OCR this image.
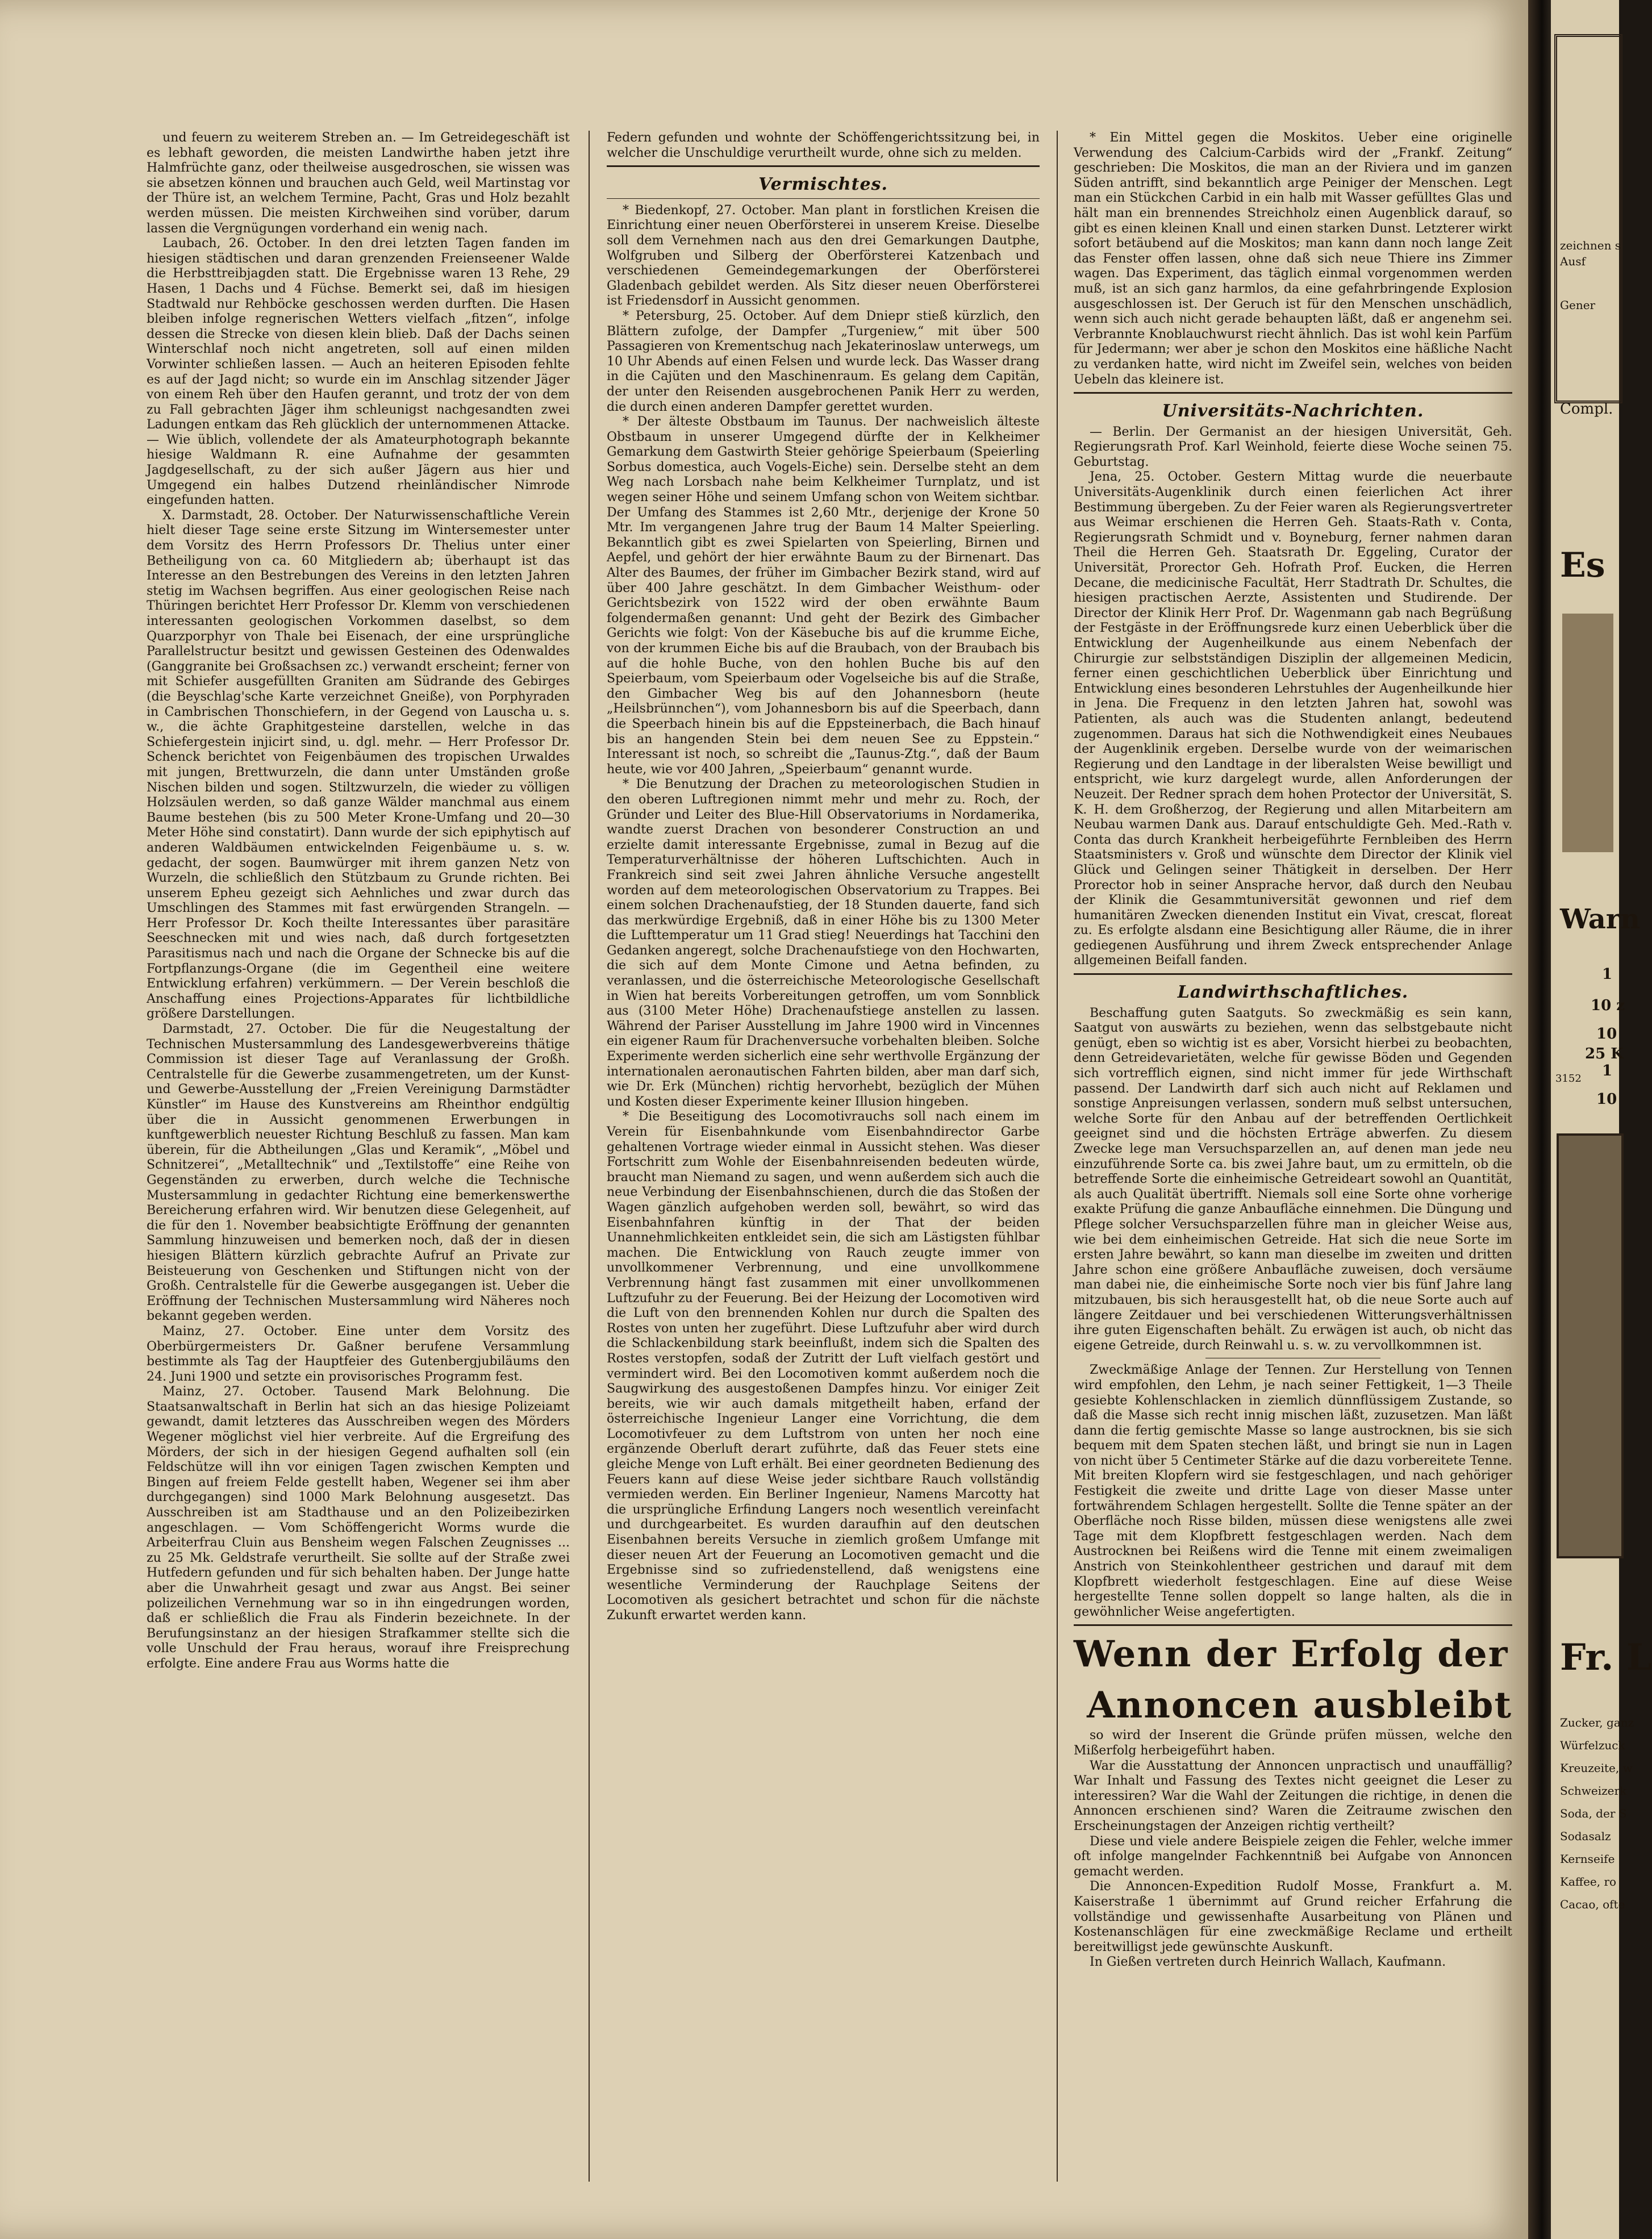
und feuern zu weiterem Streben an. — Im Getreidegeschäft ist es lebhaft geworden, die meisten Landwirthe haben jetzt ihre Halmfrüchte ganz, oder theilweise ausgedroschen, sie wissen was sie absetzen können und brauchen auch Geld, weil Martinstag vor der Thüre ist, an welchem Termine, Pacht, Gras und Holz bezahlt werden müssen. Die meisten Kirchweihen sind vorüber, darum lassen die Vergnügungen vorderhand ein wenig nach.

Laubach, 26. October. In den drei letzten Tagen fanden im hiesigen städtischen und daran grenzenden Freienseener Walde die Herbsttreibjagden statt. Die Ergebnisse waren 13 Rehe, 29 Hasen, 1 Dachs und 4 Füchse. Bemerkt sei, daß im hiesigen Stadtwald nur Rehböcke geschossen werden durften. Die Hasen bleiben infolge regnerischen Wetters vielfach „fitzen“, infolge dessen die Strecke von diesen klein blieb. Daß der Dachs seinen Winterschlaf noch nicht angetreten, soll auf einen milden Vorwinter schließen lassen. — Auch an heiteren Episoden fehlte es auf der Jagd nicht; so wurde ein im Anschlag sitzender Jäger von einem Reh über den Haufen gerannt, und trotz der von dem zu Fall gebrachten Jäger ihm schleunigst nachgesandten zwei Ladungen entkam das Reh glücklich der unternommenen Attacke. — Wie üblich, vollendete der als Amateurphotograph bekannte hiesige Waldmann R. eine Aufnahme der gesammten Jagdgesellschaft, zu der sich außer Jägern aus hier und Umgegend ein halbes Dutzend rheinländischer Nimrode eingefunden hatten.

X. Darmstadt, 28. October. Der Naturwissenschaftliche Verein hielt dieser Tage seine erste Sitzung im Wintersemester unter dem Vorsitz des Herrn Professors Dr. Thelius unter einer Betheiligung von ca. 60 Mitgliedern ab; überhaupt ist das Interesse an den Bestrebungen des Vereins in den letzten Jahren stetig im Wachsen begriffen. Aus einer geologischen Reise nach Thüringen berichtet Herr Professor Dr. Klemm von verschiedenen interessanten geologischen Vorkommen daselbst, so dem Quarzporphyr von Thale bei Eisenach, der eine ursprüngliche Parallelstructur besitzt und gewissen Gesteinen des Odenwaldes (Ganggranite bei Großsachsen zc.) verwandt erscheint; ferner von mit Schiefer ausgefüllten Graniten am Südrande des Gebirges (die Beyschlag'sche Karte verzeichnet Gneiße), von Porphyraden in Cambrischen Thonschiefern, in der Gegend von Lauscha u. s. w., die ächte Graphitgesteine darstellen, welche in das Schiefergestein injicirt sind, u. dgl. mehr. — Herr Professor Dr. Schenck berichtet von Feigenbäumen des tropischen Urwaldes mit jungen, Brettwurzeln, die dann unter Umständen große Nischen bilden und sogen. Stiltzwurzeln, die wieder zu völligen Holzsäulen werden, so daß ganze Wälder manchmal aus einem Baume bestehen (bis zu 500 Meter Krone-Umfang und 20—30 Meter Höhe sind constatirt). Dann wurde der sich epiphytisch auf anderen Waldbäumen entwickelnden Feigenbäume u. s. w. gedacht, der sogen. Baumwürger mit ihrem ganzen Netz von Wurzeln, die schließlich den Stützbaum zu Grunde richten. Bei unserem Epheu gezeigt sich Aehnliches und zwar durch das Umschlingen des Stammes mit fast erwürgenden Strangeln. — Herr Professor Dr. Koch theilte Interessantes über parasitäre Seeschnecken mit und wies nach, daß durch fortgesetzten Parasitismus nach und nach die Organe der Schnecke bis auf die Fortpflanzungs-Organe (die im Gegentheil eine weitere Entwicklung erfahren) verkümmern. — Der Verein beschloß die Anschaffung eines Projections-Apparates für lichtbildliche größere Darstellungen.

Darmstadt, 27. October. Die für die Neugestaltung der Technischen Mustersammlung des Landesgewerbvereins thätige Commission ist dieser Tage auf Veranlassung der Großh. Centralstelle für die Gewerbe zusammengetreten, um der Kunst- und Gewerbe-Ausstellung der „Freien Vereinigung Darmstädter Künstler“ im Hause des Kunstvereins am Rheinthor endgültig über die in Aussicht genommenen Erwerbungen in kunftgewerblich neuester Richtung Beschluß zu fassen. Man kam überein, für die Abtheilungen „Glas und Keramik“, „Möbel und Schnitzerei“, „Metalltechnik“ und „Textilstoffe“ eine Reihe von Gegenständen zu erwerben, durch welche die Technische Mustersammlung in gedachter Richtung eine bemerkenswerthe Bereicherung erfahren wird. Wir benutzen diese Gelegenheit, auf die für den 1. November beabsichtigte Eröffnung der genannten Sammlung hinzuweisen und bemerken noch, daß der in diesen hiesigen Blättern kürzlich gebrachte Aufruf an Private zur Beisteuerung von Geschenken und Stiftungen nicht von der Großh. Centralstelle für die Gewerbe ausgegangen ist. Ueber die Eröffnung der Technischen Mustersammlung wird Näheres noch bekannt gegeben werden.

Mainz, 27. October. Eine unter dem Vorsitz des Oberbürgermeisters Dr. Gaßner berufene Versammlung bestimmte als Tag der Hauptfeier des Gutenbergjubiläums den 24. Juni 1900 und setzte ein provisorisches Programm fest.

Mainz, 27. October. Tausend Mark Belohnung. Die Staatsanwaltschaft in Berlin hat sich an das hiesige Polizeiamt gewandt, damit letzteres das Ausschreiben wegen des Mörders Wegener möglichst viel hier verbreite. Auf die Ergreifung des Mörders, der sich in der hiesigen Gegend aufhalten soll (ein Feldschütze will ihn vor einigen Tagen zwischen Kempten und Bingen auf freiem Felde gestellt haben, Wegener sei ihm aber durchgegangen) sind 1000 Mark Belohnung ausgesetzt. Das Ausschreiben ist am Stadthause und an den Polizeibezirken angeschlagen. — Vom Schöffengericht Worms wurde die Arbeiterfrau Cluin aus Bensheim wegen Falschen Zeugnisses ... zu 25 Mk. Geldstrafe verurtheilt. Sie sollte auf der Straße zwei Hutfedern gefunden und für sich behalten haben. Der Junge hatte aber die Unwahrheit gesagt und zwar aus Angst. Bei seiner polizeilichen Vernehmung war so in ihn eingedrungen worden, daß er schließlich die Frau als Finderin bezeichnete. In der Berufungsinstanz an der hiesigen Strafkammer stellte sich die volle Unschuld der Frau heraus, worauf ihre Freisprechung erfolgte. Eine andere Frau aus Worms hatte die

Federn gefunden und wohnte der Schöffengerichtssitzung bei, in welcher die Unschuldige verurtheilt wurde, ohne sich zu melden.

Vermischtes.

* Biedenkopf, 27. October. Man plant in forstlichen Kreisen die Einrichtung einer neuen Oberförsterei in unserem Kreise. Dieselbe soll dem Vernehmen nach aus den drei Gemarkungen Dautphe, Wolfgruben und Silberg der Oberförsterei Katzenbach und verschiedenen Gemeindegemarkungen der Oberförsterei Gladenbach gebildet werden. Als Sitz dieser neuen Oberförsterei ist Friedensdorf in Aussicht genommen.

* Petersburg, 25. October. Auf dem Dniepr stieß kürzlich, den Blättern zufolge, der Dampfer „Turgeniew,“ mit über 500 Passagieren von Krementschug nach Jekaterinoslaw unterwegs, um 10 Uhr Abends auf einen Felsen und wurde leck. Das Wasser drang in die Cajüten und den Maschinenraum. Es gelang dem Capitän, der unter den Reisenden ausgebrochenen Panik Herr zu werden, die durch einen anderen Dampfer gerettet wurden.

* Der älteste Obstbaum im Taunus. Der nachweislich älteste Obstbaum in unserer Umgegend dürfte der in Kelkheimer Gemarkung dem Gastwirth Steier gehörige Speierbaum (Speierling Sorbus domestica, auch Vogels-Eiche) sein. Derselbe steht an dem Weg nach Lorsbach nahe beim Kelkheimer Turnplatz, und ist wegen seiner Höhe und seinem Umfang schon von Weitem sichtbar. Der Umfang des Stammes ist 2,60 Mtr., derjenige der Krone 50 Mtr. Im vergangenen Jahre trug der Baum 14 Malter Speierling. Bekanntlich gibt es zwei Spielarten von Speierling, Birnen und Aepfel, und gehört der hier erwähnte Baum zu der Birnenart. Das Alter des Baumes, der früher im Gimbacher Bezirk stand, wird auf über 400 Jahre geschätzt. In dem Gimbacher Weisthum- oder Gerichtsbezirk von 1522 wird der oben erwähnte Baum folgendermaßen genannt: Und geht der Bezirk des Gimbacher Gerichts wie folgt: Von der Käsebuche bis auf die krumme Eiche, von der krummen Eiche bis auf die Braubach, von der Braubach bis auf die hohle Buche, von den hohlen Buche bis auf den Speierbaum, vom Speierbaum oder Vogelseiche bis auf die Straße, den Gimbacher Weg bis auf den Johannesborn (heute „Heilsbrünnchen“), vom Johannesborn bis auf die Speerbach, dann die Speerbach hinein bis auf die Eppsteinerbach, die Bach hinauf bis an hangenden Stein bei dem neuen See zu Eppstein.“ Interessant ist noch, so schreibt die „Taunus-Ztg.“, daß der Baum heute, wie vor 400 Jahren, „Speierbaum“ genannt wurde.

* Die Benutzung der Drachen zu meteorologischen Studien in den oberen Luftregionen nimmt mehr und mehr zu. Roch, der Gründer und Leiter des Blue-Hill Observatoriums in Nordamerika, wandte zuerst Drachen von besonderer Construction an und erzielte damit interessante Ergebnisse, zumal in Bezug auf die Temperaturverhältnisse der höheren Luftschichten. Auch in Frankreich sind seit zwei Jahren ähnliche Versuche angestellt worden auf dem meteorologischen Observatorium zu Trappes. Bei einem solchen Drachenaufstieg, der 18 Stunden dauerte, fand sich das merkwürdige Ergebniß, daß in einer Höhe bis zu 1300 Meter die Lufttemperatur um 11 Grad stieg! Neuerdings hat Tacchini den Gedanken angeregt, solche Drachenaufstiege von den Hochwarten, die sich auf dem Monte Cimone und Aetna befinden, zu veranlassen, und die österreichische Meteorologische Gesellschaft in Wien hat bereits Vorbereitungen getroffen, um vom Sonnblick aus (3100 Meter Höhe) Drachenaufstiege anstellen zu lassen. Während der Pariser Ausstellung im Jahre 1900 wird in Vincennes ein eigener Raum für Drachenversuche vorbehalten bleiben. Solche Experimente werden sicherlich eine sehr werthvolle Ergänzung der internationalen aeronautischen Fahrten bilden, aber man darf sich, wie Dr. Erk (München) richtig hervorhebt, bezüglich der Mühen und Kosten dieser Experimente keiner Illusion hingeben.

* Die Beseitigung des Locomotivrauchs soll nach einem im Verein für Eisenbahnkunde vom Eisenbahndirector Garbe gehaltenen Vortrage wieder einmal in Aussicht stehen. Was dieser Fortschritt zum Wohle der Eisenbahnreisenden bedeuten würde, braucht man Niemand zu sagen, und wenn außerdem sich auch die neue Verbindung der Eisenbahnschienen, durch die das Stoßen der Wagen gänzlich aufgehoben werden soll, bewährt, so wird das Eisenbahnfahren künftig in der That der beiden Unannehmlichkeiten entkleidet sein, die sich am Lästigsten fühlbar machen. Die Entwicklung von Rauch zeugte immer von unvollkommener Verbrennung, und eine unvollkommene Verbrennung hängt fast zusammen mit einer unvollkommenen Luftzufuhr zu der Feuerung. Bei der Heizung der Locomotiven wird die Luft von den brennenden Kohlen nur durch die Spalten des Rostes von unten her zugeführt. Diese Luftzufuhr aber wird durch die Schlackenbildung stark beeinflußt, indem sich die Spalten des Rostes verstopfen, sodaß der Zutritt der Luft vielfach gestört und vermindert wird. Bei den Locomotiven kommt außerdem noch die Saugwirkung des ausgestoßenen Dampfes hinzu. Vor einiger Zeit bereits, wie wir auch damals mitgetheilt haben, erfand der österreichische Ingenieur Langer eine Vorrichtung, die dem Locomotivfeuer zu dem Luftstrom von unten her noch eine ergänzende Oberluft derart zuführte, daß das Feuer stets eine gleiche Menge von Luft erhält. Bei einer geordneten Bedienung des Feuers kann auf diese Weise jeder sichtbare Rauch vollständig vermieden werden. Ein Berliner Ingenieur, Namens Marcotty hat die ursprüngliche Erfindung Langers noch wesentlich vereinfacht und durchgearbeitet. Es wurden daraufhin auf den deutschen Eisenbahnen bereits Versuche in ziemlich großem Umfange mit dieser neuen Art der Feuerung an Locomotiven gemacht und die Ergebnisse sind so zufriedenstellend, daß wenigstens eine wesentliche Verminderung der Rauchplage Seitens der Locomotiven als gesichert betrachtet und schon für die nächste Zukunft erwartet werden kann.

* Ein Mittel gegen die Moskitos. Ueber eine originelle Verwendung des Calcium-Carbids wird der „Frankf. Zeitung“ geschrieben: Die Moskitos, die man an der Riviera und im ganzen Süden antrifft, sind bekanntlich arge Peiniger der Menschen. Legt man ein Stückchen Carbid in ein halb mit Wasser gefülltes Glas und hält man ein brennendes Streichholz einen Augenblick darauf, so gibt es einen kleinen Knall und einen starken Dunst. Letzterer wirkt sofort betäubend auf die Moskitos; man kann dann noch lange Zeit das Fenster offen lassen, ohne daß sich neue Thiere ins Zimmer wagen. Das Experiment, das täglich einmal vorgenommen werden muß, ist an sich ganz harmlos, da eine gefahrbringende Explosion ausgeschlossen ist. Der Geruch ist für den Menschen unschädlich, wenn sich auch nicht gerade behaupten läßt, daß er angenehm sei. Verbrannte Knoblauchwurst riecht ähnlich. Das ist wohl kein Parfüm für Jedermann; wer aber je schon den Moskitos eine häßliche Nacht zu verdanken hatte, wird nicht im Zweifel sein, welches von beiden Uebeln das kleinere ist.

Universitäts-Nachrichten.

— Berlin. Der Germanist an der hiesigen Universität, Geh. Regierungsrath Prof. Karl Weinhold, feierte diese Woche seinen 75. Geburtstag.

Jena, 25. October. Gestern Mittag wurde die neuerbaute Universitäts-Augenklinik durch einen feierlichen Act ihrer Bestimmung übergeben. Zu der Feier waren als Regierungsvertreter aus Weimar erschienen die Herren Geh. Staats-Rath v. Conta, Regierungsrath Schmidt und v. Boyneburg, ferner nahmen daran Theil die Herren Geh. Staatsrath Dr. Eggeling, Curator der Universität, Prorector Geh. Hofrath Prof. Eucken, die Herren Decane, die medicinische Facultät, Herr Stadtrath Dr. Schultes, die hiesigen practischen Aerzte, Assistenten und Studirende. Der Director der Klinik Herr Prof. Dr. Wagenmann gab nach Begrüßung der Festgäste in der Eröffnungsrede kurz einen Ueberblick über die Entwicklung der Augenheilkunde aus einem Nebenfach der Chirurgie zur selbstständigen Disziplin der allgemeinen Medicin, ferner einen geschichtlichen Ueberblick über Einrichtung und Entwicklung eines besonderen Lehrstuhles der Augenheilkunde hier in Jena. Die Frequenz in den letzten Jahren hat, sowohl was Patienten, als auch was die Studenten anlangt, bedeutend zugenommen. Daraus hat sich die Nothwendigkeit eines Neubaues der Augenklinik ergeben. Derselbe wurde von der weimarischen Regierung und den Landtage in der liberalsten Weise bewilligt und entspricht, wie kurz dargelegt wurde, allen Anforderungen der Neuzeit. Der Redner sprach dem hohen Protector der Universität, S. K. H. dem Großherzog, der Regierung und allen Mitarbeitern am Neubau warmen Dank aus. Darauf entschuldigte Geh. Med.-Rath v. Conta das durch Krankheit herbeigeführte Fernbleiben des Herrn Staatsministers v. Groß und wünschte dem Director der Klinik viel Glück und Gelingen seiner Thätigkeit in derselben. Der Herr Prorector hob in seiner Ansprache hervor, daß durch den Neubau der Klinik die Gesammtuniversität gewonnen und rief dem humanitären Zwecken dienenden Institut ein Vivat, crescat, floreat zu. Es erfolgte alsdann eine Besichtigung aller Räume, die in ihrer gediegenen Ausführung und ihrem Zweck entsprechender Anlage allgemeinen Beifall fanden.

Landwirthschaftliches.

Beschaffung guten Saatguts. So zweckmäßig es sein kann, Saatgut von auswärts zu beziehen, wenn das selbstgebaute nicht genügt, eben so wichtig ist es aber, Vorsicht hierbei zu beobachten, denn Getreidevarietäten, welche für gewisse Böden und Gegenden sich vortrefflich eignen, sind nicht immer für jede Wirthschaft passend. Der Landwirth darf sich auch nicht auf Reklamen und sonstige Anpreisungen verlassen, sondern muß selbst untersuchen, welche Sorte für den Anbau auf der betreffenden Oertlichkeit geeignet sind und die höchsten Erträge abwerfen. Zu diesem Zwecke lege man Versuchsparzellen an, auf denen man jede neu einzuführende Sorte ca. bis zwei Jahre baut, um zu ermitteln, ob die betreffende Sorte die einheimische Getreideart sowohl an Quantität, als auch Qualität übertrifft. Niemals soll eine Sorte ohne vorherige exakte Prüfung die ganze Anbaufläche einnehmen. Die Düngung und Pflege solcher Versuchsparzellen führe man in gleicher Weise aus, wie bei dem einheimischen Getreide. Hat sich die neue Sorte im ersten Jahre bewährt, so kann man dieselbe im zweiten und dritten Jahre schon eine größere Anbaufläche zuweisen, doch versäume man dabei nie, die einheimische Sorte noch vier bis fünf Jahre lang mitzubauen, bis sich herausgestellt hat, ob die neue Sorte auch auf längere Zeitdauer und bei verschiedenen Witterungsverhältnissen ihre guten Eigenschaften behält. Zu erwägen ist auch, ob nicht das eigene Getreide, durch Reinwahl u. s. w. zu vervollkommnen ist.

Zweckmäßige Anlage der Tennen. Zur Herstellung von Tennen wird empfohlen, den Lehm, je nach seiner Fettigkeit, 1—3 Theile gesiebte Kohlenschlacken in ziemlich dünnflüssigem Zustande, so daß die Masse sich recht innig mischen läßt, zuzusetzen. Man läßt dann die fertig gemischte Masse so lange austrocknen, bis sie sich bequem mit dem Spaten stechen läßt, und bringt sie nun in Lagen von nicht über 5 Centimeter Stärke auf die dazu vorbereitete Tenne. Mit breiten Klopfern wird sie festgeschlagen, und nach gehöriger Festigkeit die zweite und dritte Lage von dieser Masse unter fortwährendem Schlagen hergestellt. Sollte die Tenne später an der Oberfläche noch Risse bilden, müssen diese wenigstens alle zwei Tage mit dem Klopfbrett festgeschlagen werden. Nach dem Austrocknen bei Reißens wird die Tenne mit einem zweimaligen Anstrich von Steinkohlentheer gestrichen und darauf mit dem Klopfbrett wiederholt festgeschlagen. Eine auf diese Weise hergestellte Tenne sollen doppelt so lange halten, als die in gewöhnlicher Weise angefertigten.

Wenn der Erfolg der
Annoncen ausbleibt

so wird der Inserent die Gründe prüfen müssen, welche den Mißerfolg herbeigeführt haben.

War die Ausstattung der Annoncen unpractisch und unauffällig? War Inhalt und Fassung des Textes nicht geeignet die Leser zu interessiren? War die Wahl der Zeitungen die richtige, in denen die Annoncen erschienen sind? Waren die Zeitraume zwischen den Erscheinungstagen der Anzeigen richtig vertheilt?

Diese und viele andere Beispiele zeigen die Fehler, welche immer oft infolge mangelnder Fachkenntniß bei Aufgabe von Annoncen gemacht werden.

Die Annoncen-Expedition Rudolf Mosse, Frankfurt a. M. Kaiserstraße 1 übernimmt auf Grund reicher Erfahrung die vollständige und gewissenhafte Ausarbeitung von Plänen und Kostenanschlägen für eine zweckmäßige Reclame und ertheilt bereitwilligst jede gewünschte Auskunft.

In Gießen vertreten durch Heinrich Wallach, Kaufmann.

zeichnen s
Ausf
Gener
Compl.
Es
Warn
1
10 z
10
25 K
1
3152
10
Fr. L
Zucker, ganz
Würfelzuck
Kreuzeite, w
Schweizerk
Soda, der S
Sodasalz
Kernseife
Kaffee, ro
Cacao, ofte
